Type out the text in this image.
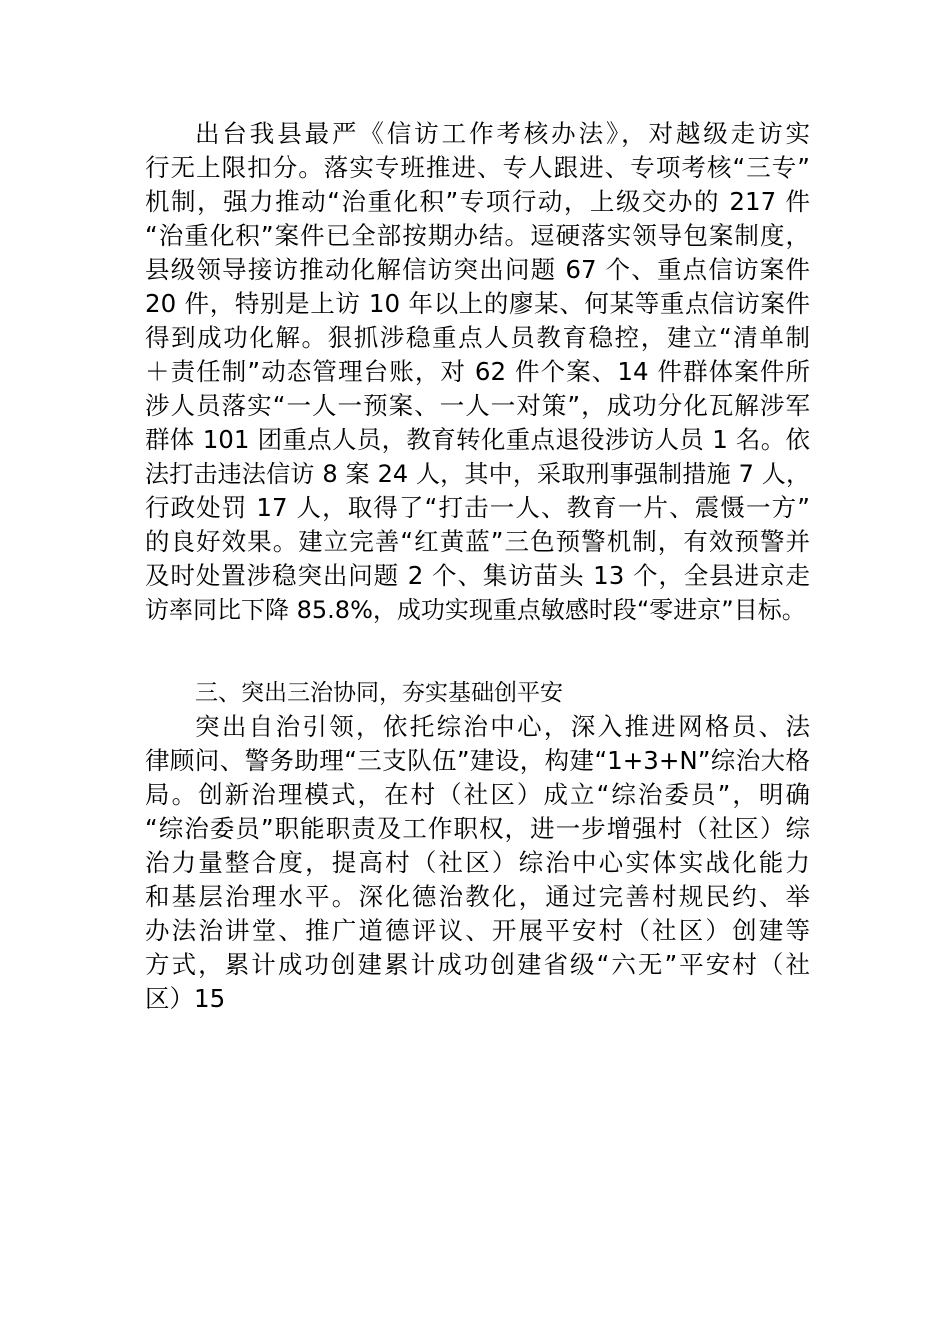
出台我县最严《信访工作考核办法》，对越级走访实
行无上限扣分。落实专班推进、专人跟进、专项考核“三专”
机制，强力推动“治重化积”专项行动，上级交办的 217 件
“治重化积”案件已全部按期办结。逗硬落实领导包案制度，
县级领导接访推动化解信访突出问题 67 个、重点信访案件
20 件，特别是上访 10 年以上的廖某、何某等重点信访案件
得到成功化解。狠抓涉稳重点人员教育稳控，建立“清单制
＋责任制”动态管理台账，对 62 件个案、14 件群体案件所
涉人员落实“一人一预案、一人一对策”，成功分化瓦解涉军
群体 101 团重点人员，教育转化重点退役涉访人员 1 名。依
法打击违法信访 8 案 24 人，其中，采取刑事强制措施 7 人，
行政处罚 17 人，取得了“打击一人、教育一片、震慑一方”
的良好效果。建立完善“红黄蓝”三色预警机制，有效预警并
及时处置涉稳突出问题 2 个、集访苗头 13 个，全县进京走
访率同比下降 85.8%，成功实现重点敏感时段“零进京”目标。
三、突出三治协同，夯实基础创平安
突出自治引领，依托综治中心，深入推进网格员、法
律顾问、警务助理“三支队伍”建设，构建“1+3+N”综治大格
局。创新治理模式，在村（社区）成立“综治委员”，明确
“综治委员”职能职责及工作职权，进一步增强村（社区）综
治力量整合度，提高村（社区）综治中心实体实战化能力
和基层治理水平。深化德治教化，通过完善村规民约、举
办法治讲堂、推广道德评议、开展平安村（社区）创建等
方式，累计成功创建累计成功创建省级“六无”平安村（社
区）15
